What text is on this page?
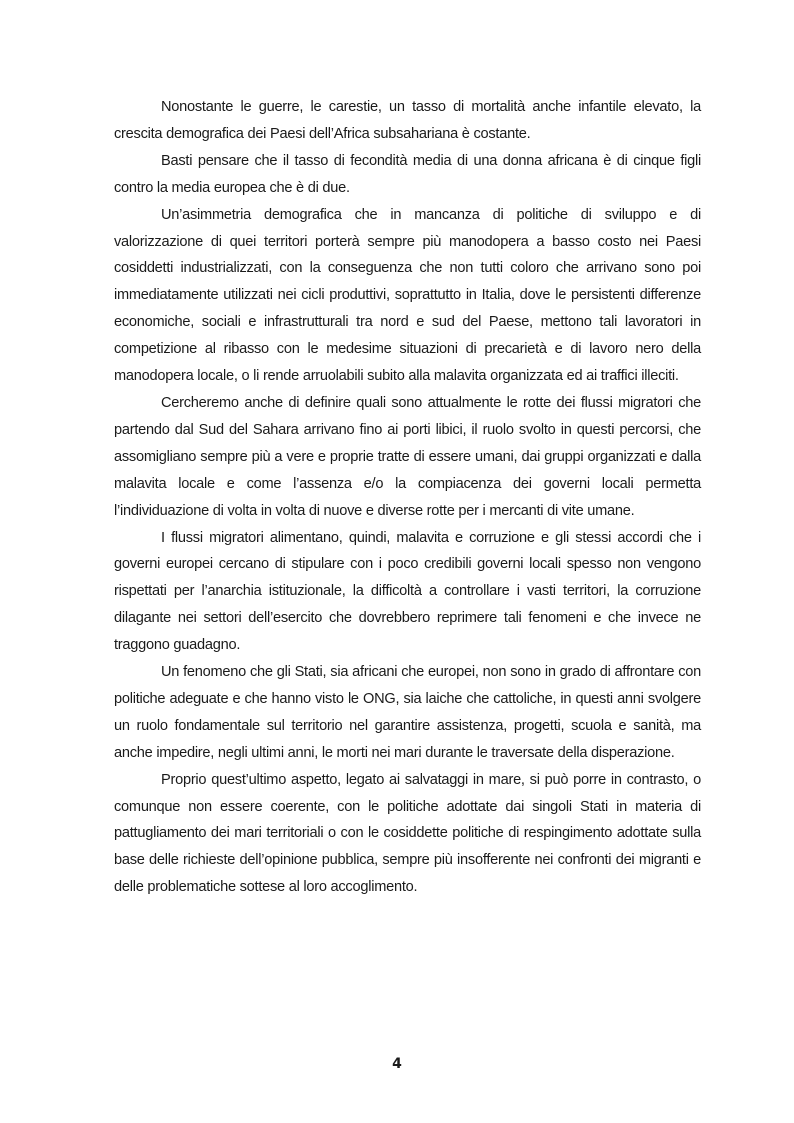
Nonostante le guerre, le carestie, un tasso di mortalità anche infantile elevato, la crescita demografica dei Paesi dell’Africa subsahariana è costante.

Basti pensare che il tasso di fecondità media di una donna africana è di cinque figli contro la media europea che è di due.

Un’asimmetria demografica che in mancanza di politiche di sviluppo e di valorizzazione di quei territori porterà sempre più manodopera a basso costo nei Paesi cosiddetti industrializzati, con la conseguenza che non tutti coloro che arrivano sono poi immediatamente utilizzati nei cicli produttivi, soprattutto in Italia, dove le persistenti differenze economiche, sociali e infrastrutturali tra nord e sud del Paese, mettono tali lavoratori in competizione al ribasso con le medesime situazioni di precarietà e di lavoro nero della manodopera locale, o li rende arruolabili subito alla malavita organizzata ed ai traffici illeciti.

Cercheremo anche di definire quali sono attualmente le rotte dei flussi migratori che partendo dal Sud del Sahara arrivano fino ai porti libici, il ruolo svolto in questi percorsi, che assomigliano sempre più a vere e proprie tratte di essere umani, dai gruppi organizzati e dalla malavita locale e come l’assenza e/o la compiacenza dei governi locali permetta l’individuazione di volta in volta di nuove e diverse rotte per i mercanti di vite umane.

I flussi migratori alimentano, quindi, malavita e corruzione e gli stessi accordi che i governi europei cercano di stipulare con i poco credibili governi locali spesso non vengono rispettati per l’anarchia istituzionale, la difficoltà a controllare i vasti territori, la corruzione dilagante nei settori dell’esercito che dovrebbero reprimere tali fenomeni e che invece ne traggono guadagno.

Un fenomeno che gli Stati, sia africani che europei, non sono in grado di affrontare con politiche adeguate e che hanno visto le ONG, sia laiche che cattoliche, in questi anni svolgere un ruolo fondamentale sul territorio nel garantire assistenza, progetti, scuola e sanità, ma anche impedire, negli ultimi anni, le morti nei mari durante le traversate della disperazione.

Proprio quest’ultimo aspetto, legato ai salvataggi in mare, si può porre in contrasto, o comunque non essere coerente, con le politiche adottate dai singoli Stati in materia di pattugliamento dei mari territoriali o con le cosiddette politiche di respingimento adottate sulla base delle richieste dell’opinione pubblica, sempre più insofferente nei confronti dei migranti e delle problematiche sottese al loro accoglimento.

4
